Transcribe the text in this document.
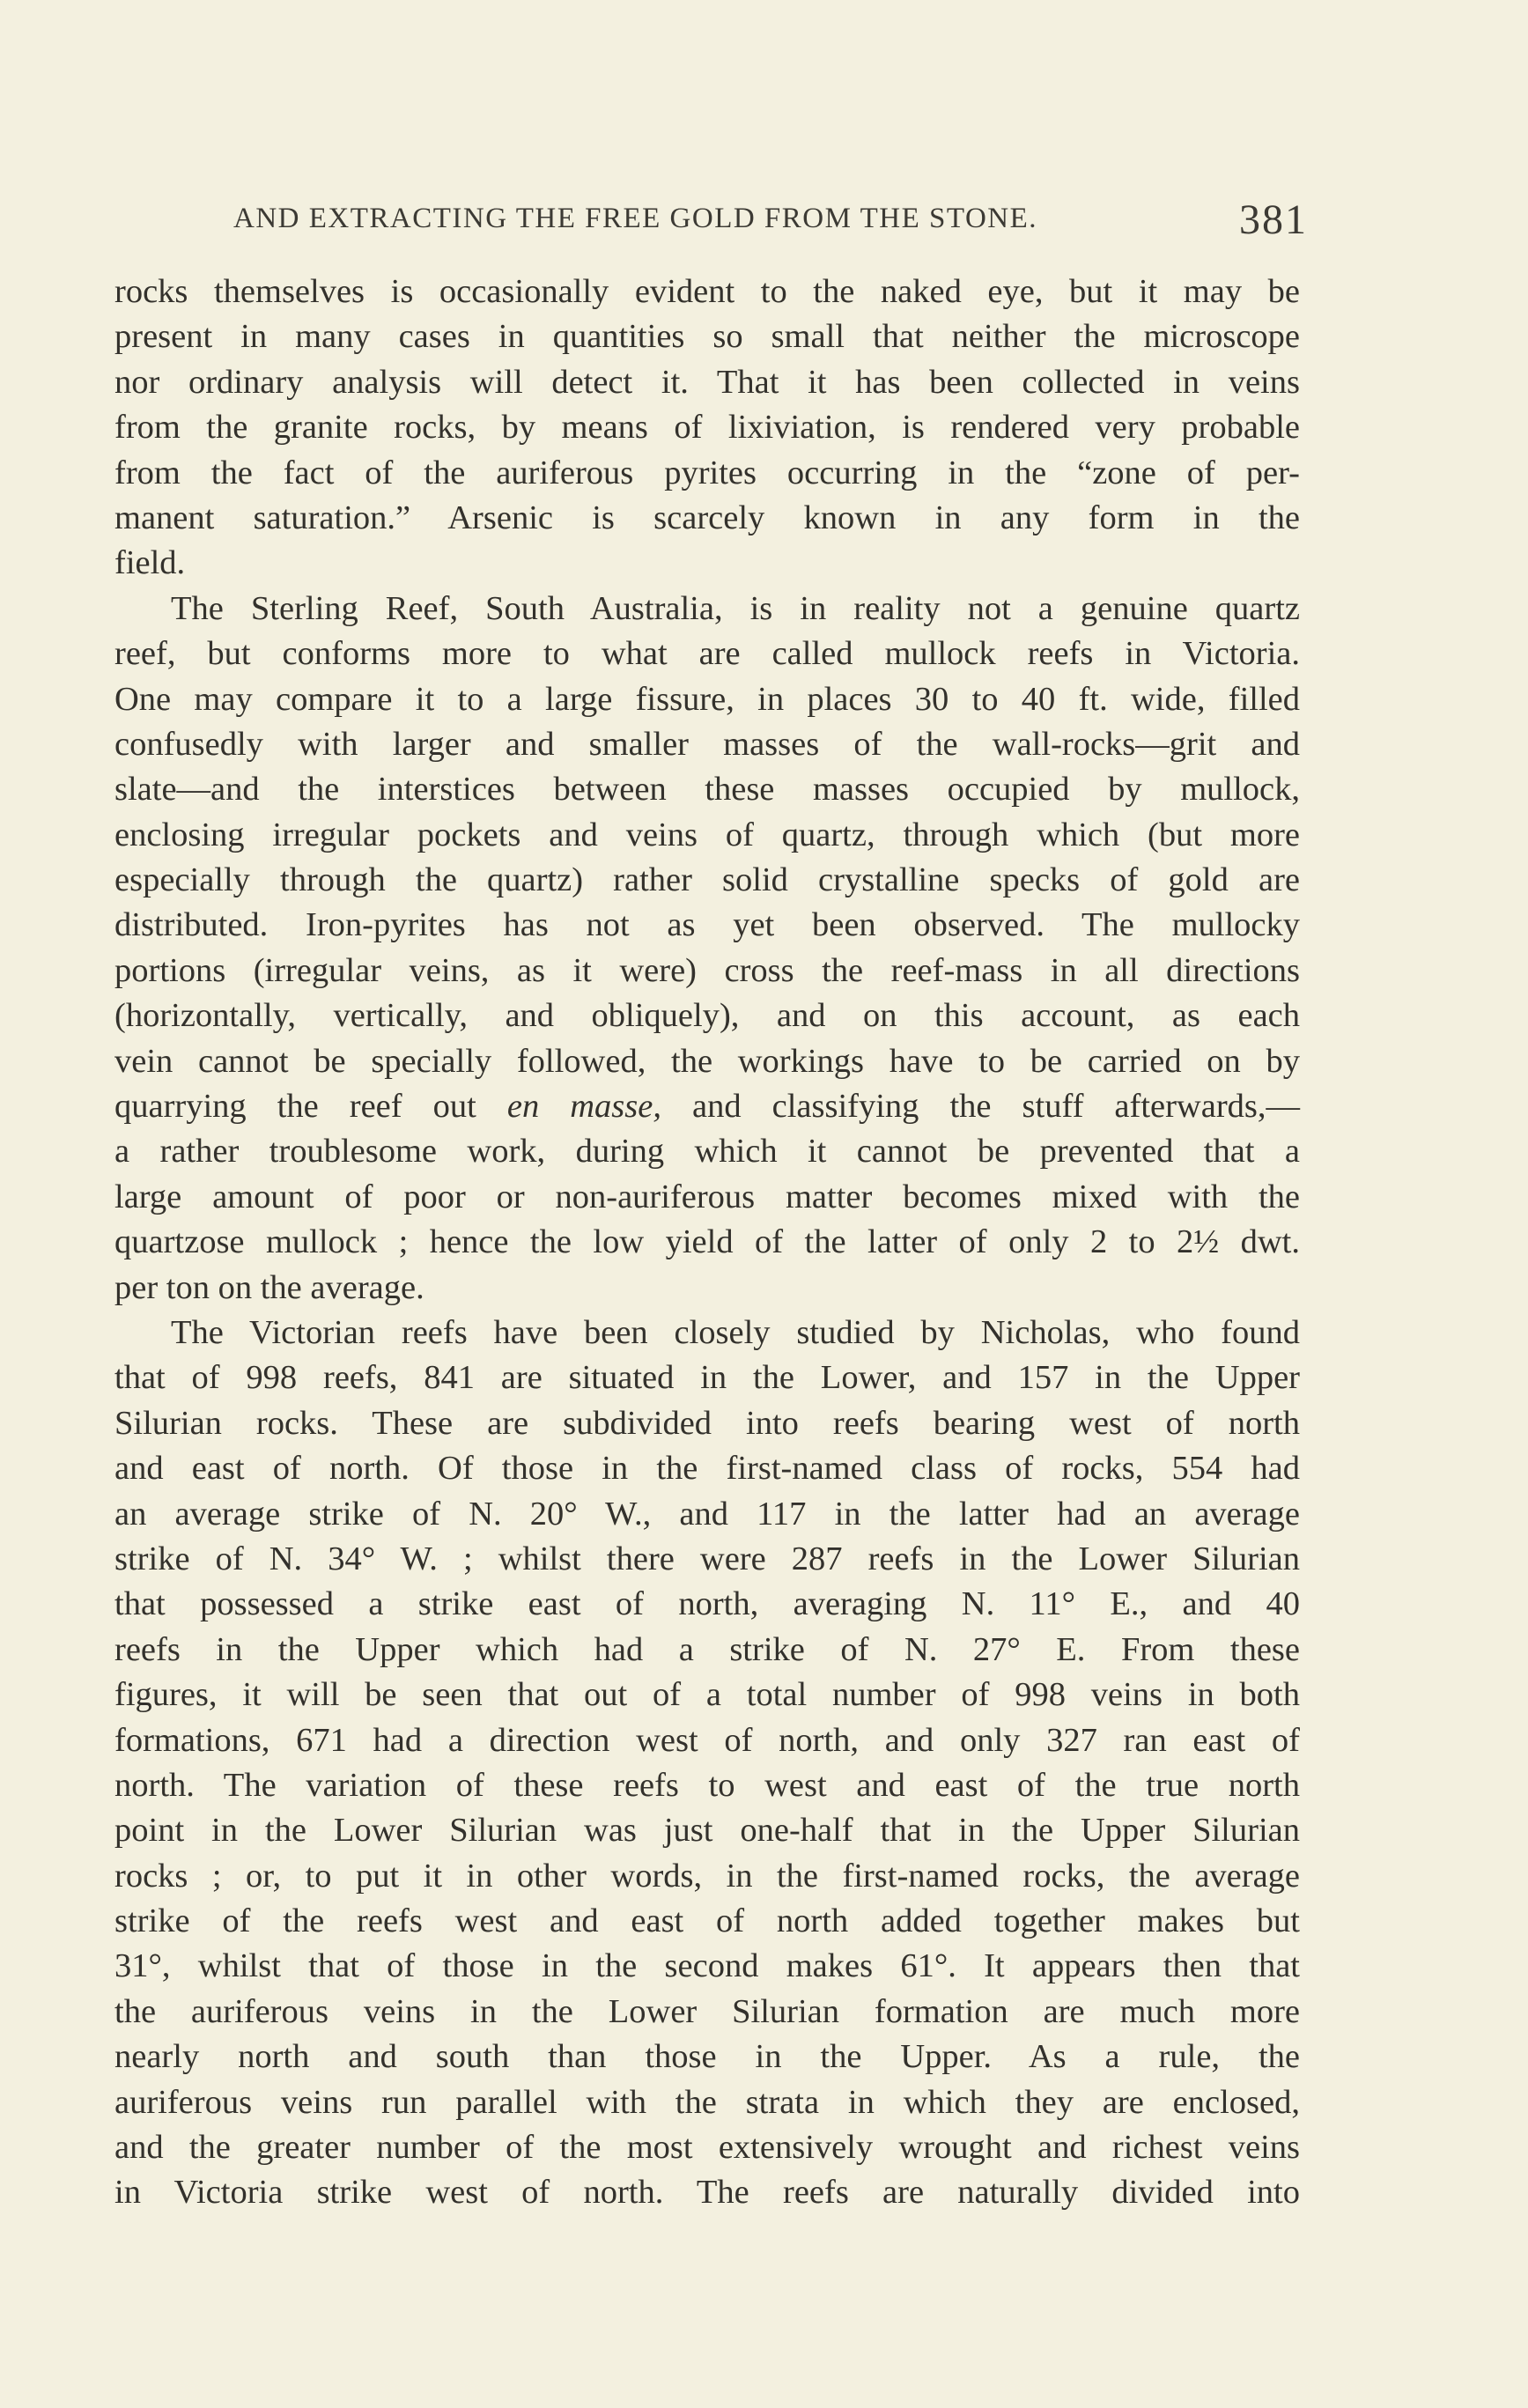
AND EXTRACTING THE FREE GOLD FROM THE STONE.	381
rocks themselves is occasionally evident to the naked eye, but it may be
present in many cases in quantities so small that neither the microscope
nor ordinary analysis will detect it. That it has been collected in veins
from the granite rocks, by means of lixiviation, is rendered very probable
from the fact of the auriferous pyrites occurring in the “zone of per-
manent saturation.” Arsenic is scarcely known in any form in the
field.
The Sterling Reef, South Australia, is in reality not a genuine quartz
reef, but conforms more to what are called mullock reefs in Victoria.
One may compare it to a large fissure, in places 30 to 40 ft. wide, filled
confusedly with larger and smaller masses of the wall-rocks—grit and
slate—and the interstices between these masses occupied by mullock,
enclosing irregular pockets and veins of quartz, through which (but more
especially through the quartz) rather solid crystalline specks of gold are
distributed. Iron-pyrites has not as yet been observed. The mullocky
portions (irregular veins, as it were) cross the reef-mass in all directions
(horizontally, vertically, and obliquely), and on this account, as each
vein cannot be specially followed, the workings have to be carried on by
quarrying the reef out en masse, and classifying the stuff afterwards,—
a rather troublesome work, during which it cannot be prevented that a
large amount of poor or non-auriferous matter becomes mixed with the
quartzose mullock ; hence the low yield of the latter of only 2 to 2½ dwt.
per ton on the average.
The Victorian reefs have been closely studied by Nicholas, who found
that of 998 reefs, 841 are situated in the Lower, and 157 in the Upper
Silurian rocks. These are subdivided into reefs bearing west of north
and east of north. Of those in the first-named class of rocks, 554 had
an average strike of N. 20° W., and 117 in the latter had an average
strike of N. 34° W. ; whilst there were 287 reefs in the Lower Silurian
that possessed a strike east of north, averaging N. 11° E., and 40
reefs in the Upper which had a strike of N. 27° E. From these
figures, it will be seen that out of a total number of 998 veins in both
formations, 671 had a direction west of north, and only 327 ran east of
north. The variation of these reefs to west and east of the true north
point in the Lower Silurian was just one-half that in the Upper Silurian
rocks ; or, to put it in other words, in the first-named rocks, the average
strike of the reefs west and east of north added together makes but
31°, whilst that of those in the second makes 61°. It appears then that
the auriferous veins in the Lower Silurian formation are much more
nearly north and south than those in the Upper. As a rule, the
auriferous veins run parallel with the strata in which they are enclosed,
and the greater number of the most extensively wrought and richest veins
in Victoria strike west of north. The reefs are naturally divided into
